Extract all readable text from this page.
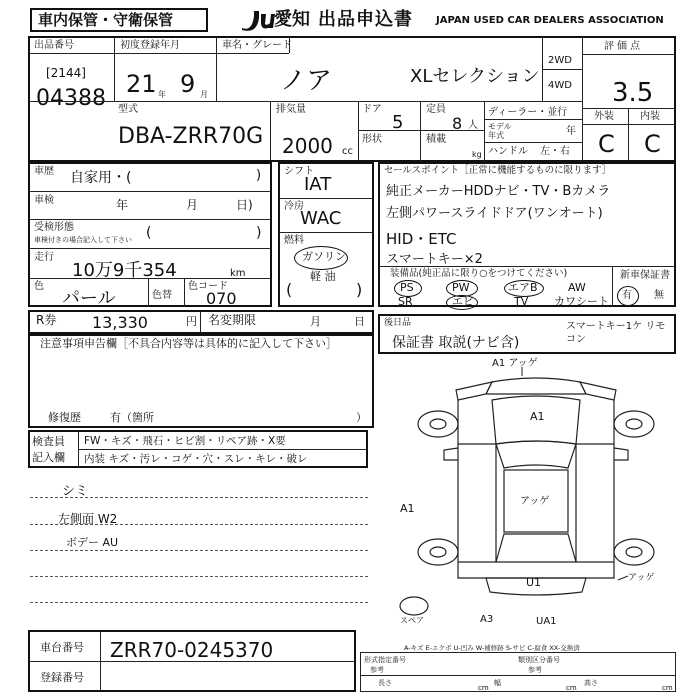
車内保管・守衛保管	愛知 出品申込書 JAPAN USED CAR DEALERS ASSOCIATION
出品番号
[2144]
04388
初度登録年月
21 年 9 月
車名・グレード
ノア	XLセレクション
2WD
4WD
評価点
3.5
外装	内装
C C
型式
DBA-ZRR70G
排気量
2000 cc
ドア
5
定員
8 人
形状	積載
kg
ディーラー・並行
モデル年式	年
ハンドル 左・右
車歴 自家用・(	)
車検	年	月	日)
受検形態
車検付きの場合記入して下さい (	)
走行
10万9千354	km
色
パール	色替
色コード
070
シフト
IAT
冷房
WAC
燃料
ガソリン
軽 油
(	)
セールスポイント［正常に機能するものに限ります］
純正メーカーHDDナビ・TV・Bカメラ
左側パワースライドドア(ワンオート)
HID・ETC
スマートキー×2
装備品(純正品に限り○をつけてください)	新車保証書
有 無
PS	PW	エアB	AW
SR	エビ	TV カワシート
R券 13,330	円 名変期限	月	日 後日品
保証書 取説(ナビ含)
スマートキー1ケ リモコン
注意事項申告欄［不具合内容等は具体的に記入して下さい］
修復歴	有（箇所	）
検査員
記入欄
FW・キズ・飛石・ヒビ割・リペア跡・X要
内装 キズ・汚レ・コゲ・穴・スレ・キレ・破レ
シミ
左側面 W2
ボデー AU
A1 アッゲ
A1
A1
アッゲ
U1
A3	UA1
アッゲ
スペア
車台番号 ZRR70-0245370
登録番号
A-キズ E-エクボ U-凹み W-補修跡 S-サビ C-腐食 XX-交換済
形式指定番号
参考
類別区分番号
参考
長さ
cm
幅
cm
高さ
cm
